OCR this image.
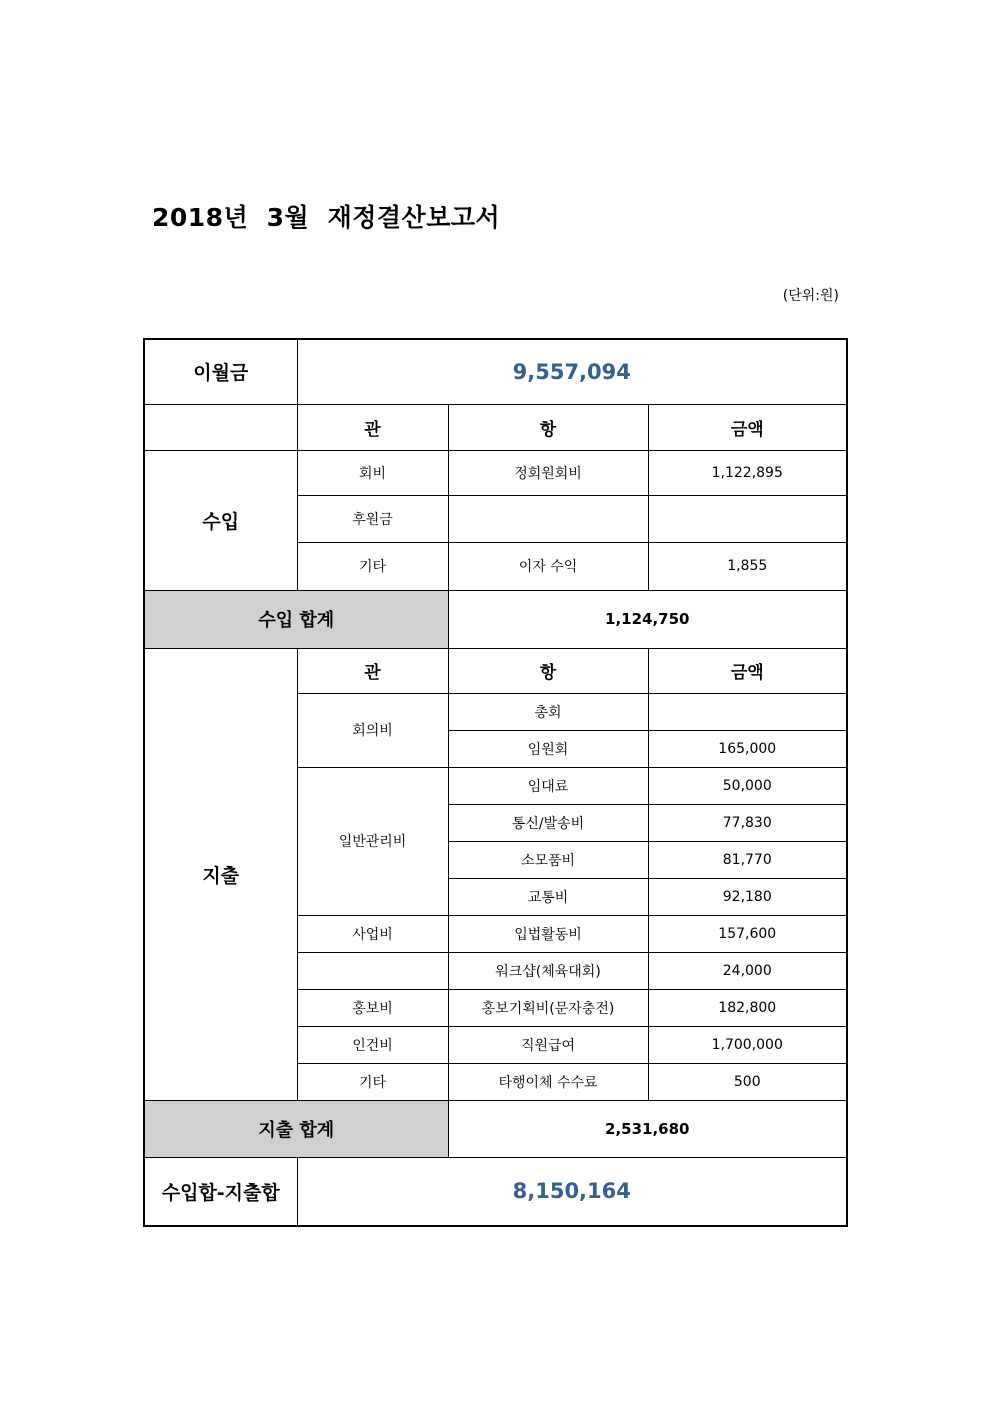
2018년  3월  재정결산보고서
(단위:원)
이월금	9,557,094		
	관	항	금액
수입	회비	정회원회비	1,122,895
	후원금		
	기타	이자 수익	1,855
수입 합계		1,124,750	
지출	관	항	금액
	회의비	총회	
		임원회	165,000
	일반관리비	임대료	50,000
		통신/발송비	77,830
		소모품비	81,770
		교통비	92,180
	사업비	입법활동비	157,600
		워크샵(체육대회)	24,000
	홍보비	홍보기획비(문자충전)	182,800
	인건비	직원급여	1,700,000
	기타	타행이체 수수료	500
지출 합계		2,531,680	
수입합-지출합	8,150,164		
